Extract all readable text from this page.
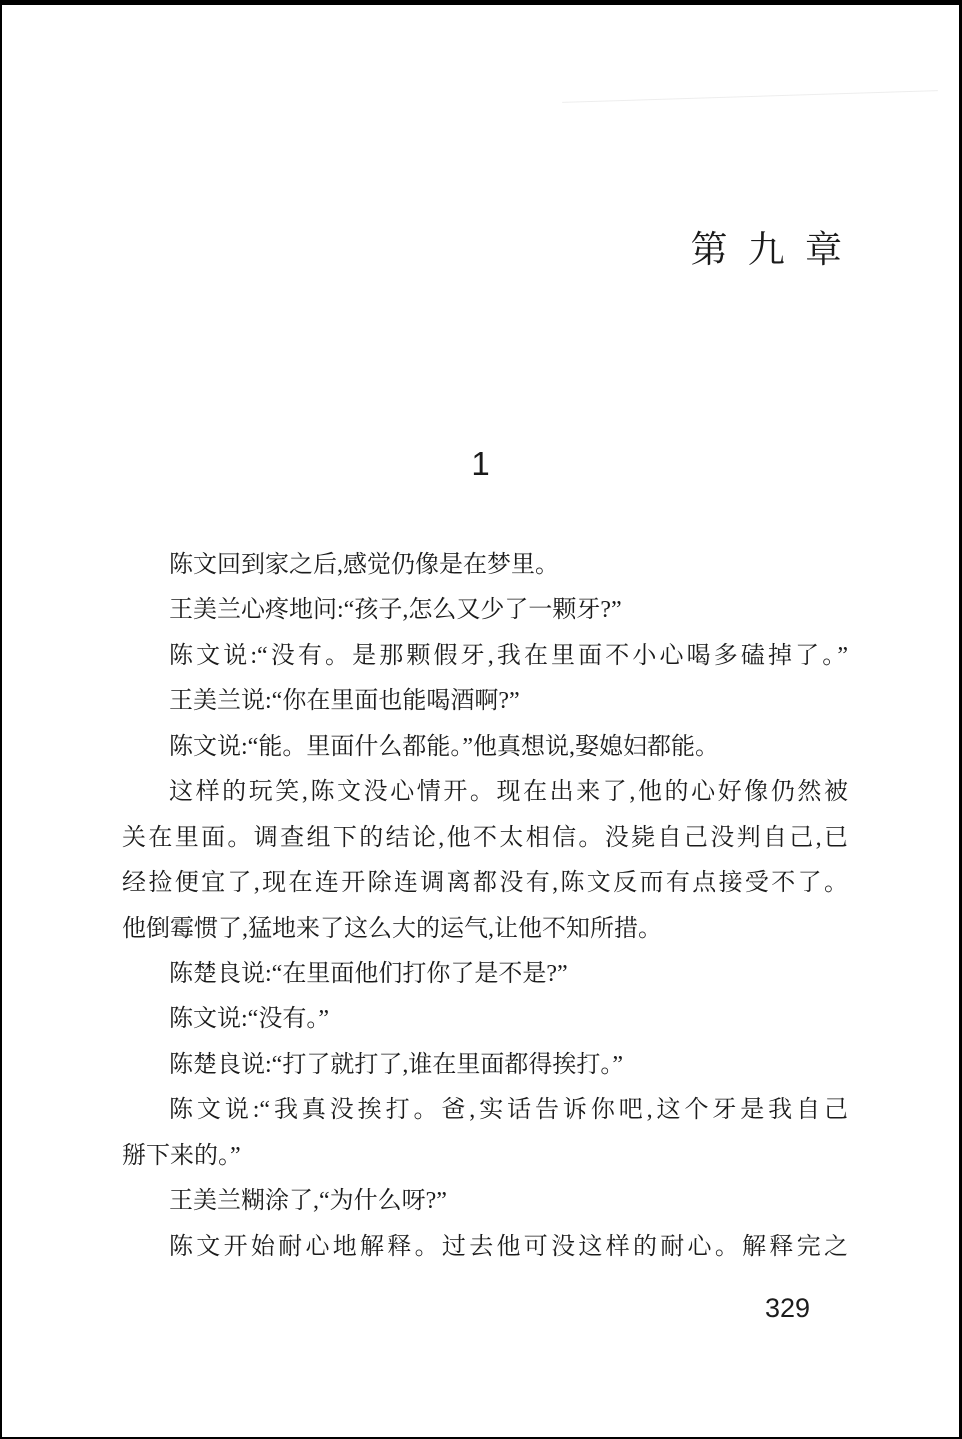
第 九 章
1
陈文回到家之后,感觉仍像是在梦里。
王美兰心疼地问:“孩子,怎么又少了一颗牙?”
陈文说:“没有。是那颗假牙,我在里面不小心喝多磕掉了。”
王美兰说:“你在里面也能喝酒啊?”
陈文说:“能。里面什么都能。”他真想说,娶媳妇都能。
这样的玩笑,陈文没心情开。现在出来了,他的心好像仍然被
关在里面。调查组下的结论,他不太相信。没毙自己没判自己,已
经捡便宜了,现在连开除连调离都没有,陈文反而有点接受不了。
他倒霉惯了,猛地来了这么大的运气,让他不知所措。
陈楚良说:“在里面他们打你了是不是?”
陈文说:“没有。”
陈楚良说:“打了就打了,谁在里面都得挨打。”
陈文说:“我真没挨打。爸,实话告诉你吧,这个牙是我自己
掰下来的。”
王美兰糊涂了,“为什么呀?”
陈文开始耐心地解释。过去他可没这样的耐心。解释完之
329
